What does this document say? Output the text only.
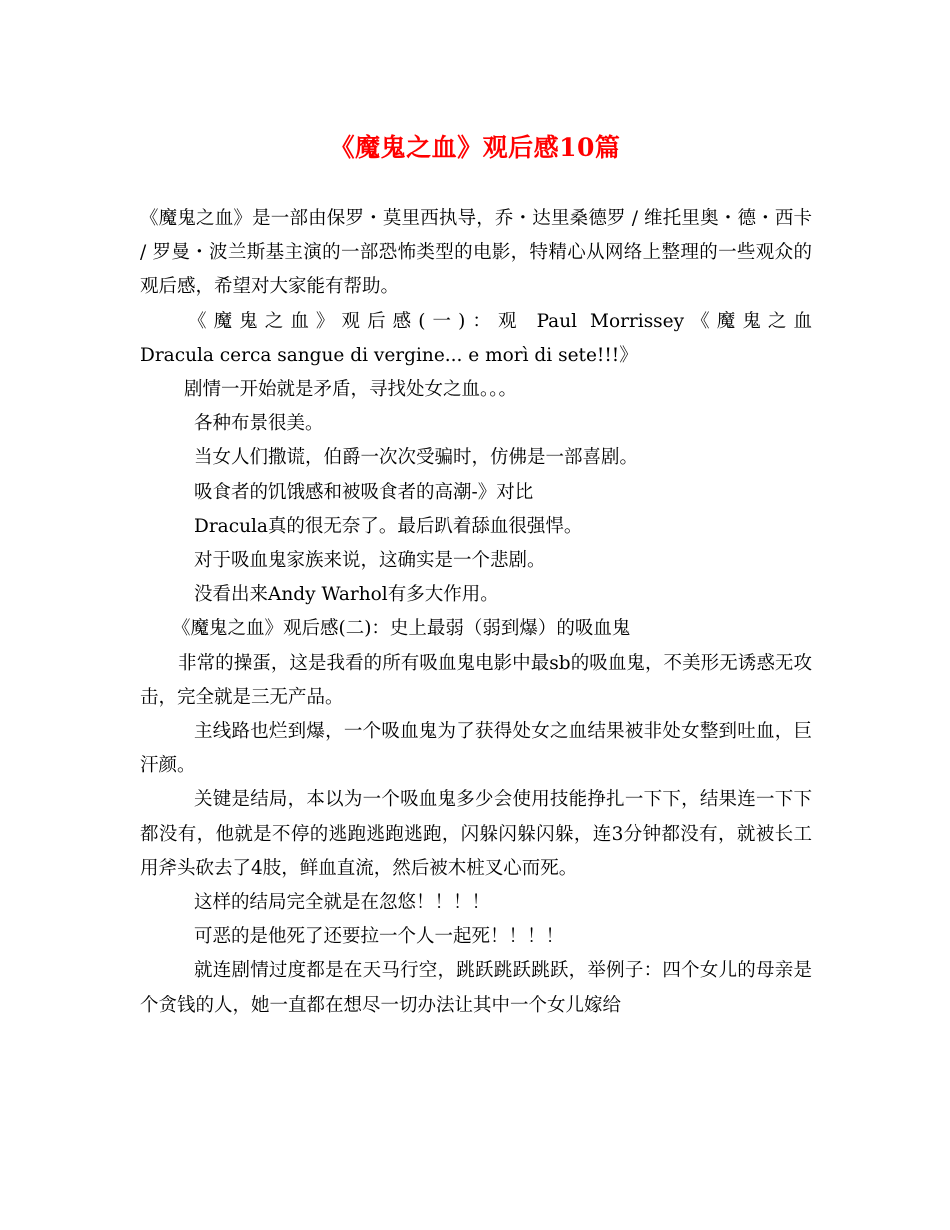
《魔鬼之血》观后感10篇

《魔鬼之血》是一部由保罗・莫里西执导，乔・达里桑德罗 / 维托里奥・德・西卡 / 罗曼・波兰斯基主演的一部恐怖类型的电影，特精心从网络上整理的一些观众的观后感，希望对大家能有帮助。

《魔鬼之血》观后感(一)：观 Paul Morrissey《魔鬼之血

Dracula cerca sangue di vergine... e morì di sete!!!》

剧情一开始就是矛盾，寻找处女之血。。。

各种布景很美。

当女人们撒谎，伯爵一次次受骗时，仿佛是一部喜剧。

吸食者的饥饿感和被吸食者的高潮-》对比

Dracula真的很无奈了。最后趴着舔血很强悍。

对于吸血鬼家族来说，这确实是一个悲剧。

没看出来Andy Warhol有多大作用。

《魔鬼之血》观后感(二)：史上最弱（弱到爆）的吸血鬼

非常的操蛋，这是我看的所有吸血鬼电影中最sb的吸血鬼，不美形无诱惑无攻击，完全就是三无产品。

主线路也烂到爆，一个吸血鬼为了获得处女之血结果被非处女整到吐血，巨汗颜。

关键是结局，本以为一个吸血鬼多少会使用技能挣扎一下下，结果连一下下都没有，他就是不停的逃跑逃跑逃跑，闪躲闪躲闪躲，连3分钟都没有，就被长工用斧头砍去了4肢，鲜血直流，然后被木桩叉心而死。

这样的结局完全就是在忽悠！！！！

可恶的是他死了还要拉一个人一起死！！！！

就连剧情过度都是在天马行空，跳跃跳跃跳跃，举例子：四个女儿的母亲是个贪钱的人，她一直都在想尽一切办法让其中一个女儿嫁给
